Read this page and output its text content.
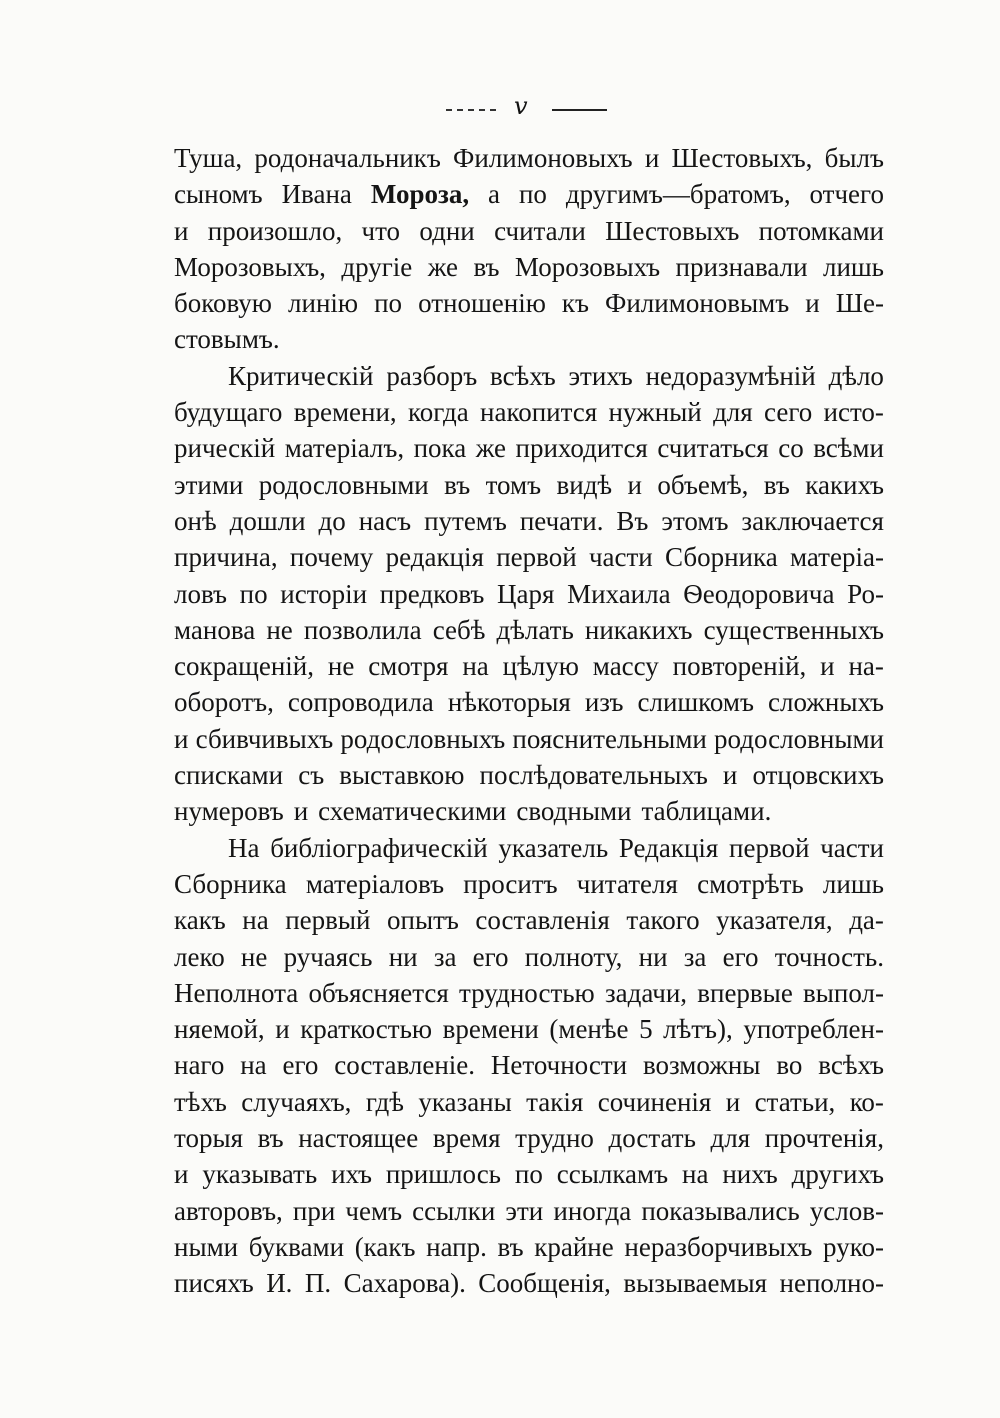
v
Туша, родоначальникъ Филимоновыхъ и Шестовыхъ, былъ
сыномъ Ивана Мороза, а по другимъ—братомъ, отчего
и произошло, что одни считали Шестовыхъ потомками
Морозовыхъ, другіе же въ Морозовыхъ признавали лишь
боковую линію по отношенію къ Филимоновымъ и Ше-
стовымъ.
Критическій разборъ всѣхъ этихъ недоразумѣній дѣло
будущаго времени, когда накопится нужный для сего исто-
рическій матеріалъ, пока же приходится считаться со всѣми
этими родословными въ томъ видѣ и объемѣ, въ какихъ
онѣ дошли до насъ путемъ печати. Въ этомъ заключается
причина, почему редакція первой части Сборника матеріа-
ловъ по исторіи предковъ Царя Михаила Ѳеодоровича Ро-
манова не позволила себѣ дѣлать никакихъ существенныхъ
сокращеній, не смотря на цѣлую массу повтореній, и на-
оборотъ, сопроводила нѣкоторыя изъ слишкомъ сложныхъ
и сбивчивыхъ родословныхъ пояснительными родословными
списками съ выставкою послѣдовательныхъ и отцовскихъ
нумеровъ и схематическими сводными таблицами.
На библіографическій указатель Редакція первой части
Сборника матеріаловъ проситъ читателя смотрѣть лишь
какъ на первый опытъ составленія такого указателя, да-
леко не ручаясь ни за его полноту, ни за его точность.
Неполнота объясняется трудностью задачи, впервые выпол-
няемой, и краткостью времени (менѣе 5 лѣтъ), употреблен-
наго на его составленіе. Неточности возможны во всѣхъ
тѣхъ случаяхъ, гдѣ указаны такія сочиненія и статьи, ко-
торыя въ настоящее время трудно достать для прочтенія,
и указывать ихъ пришлось по ссылкамъ на нихъ другихъ
авторовъ, при чемъ ссылки эти иногда показывались услов-
ными буквами (какъ напр. въ крайне неразборчивыхъ руко-
писяхъ И. П. Сахарова). Сообщенія, вызываемыя неполно-
